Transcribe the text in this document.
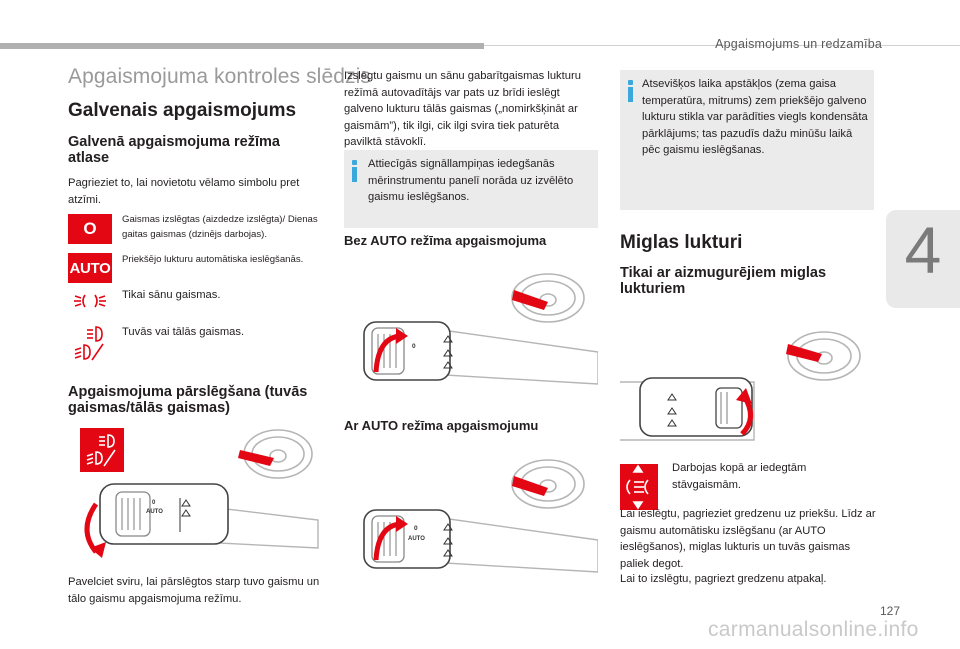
Apgaismojums un redzamība
4
Apgaismojuma kontroles slēdzis
Galvenais apgaismojums
Galvenā apgaismojuma režīma atlase
Pagrieziet to, lai novietotu vēlamo simbolu pret atzīmi.
O	Gaismas izslēgtas (aizdedze izslēgta)/ Dienas gaitas gaismas (dzinējs darbojas).
AUTO Priekšējo lukturu automātiska ieslēgšanās.
Tikai sānu gaismas.
Tuvās vai tālās gaismas.
Apgaismojuma pārslēgšana (tuvās gaismas/tālās gaismas)
0
AUTO
Pavelciet sviru, lai pārslēgtos starp tuvo gaismu un tālo gaismu apgaismojuma režīmu.
Izslēgtu gaismu un sānu gabarītgaismas lukturu režīmā autovadītājs var pats uz brīdi ieslēgt galveno lukturu tālās gaismas („nomirkšķināt ar gaismām”), tik ilgi, cik ilgi svira tiek paturēta pavilktā stāvoklī.
Attiecīgās signāllampiņas iedegšanās mērinstrumentu panelī norāda uz izvēlēto gaismu ieslēgšanos.
Bez AUTO režīma apgaismojuma
0
Ar AUTO režīma apgaismojumu
0
AUTO
Atsevišķos laika apstākļos (zema gaisa temperatūra, mitrums) zem priekšējo galveno lukturu stikla var parādīties viegls kondensāta pārklājums; tas pazudīs dažu minūšu laikā pēc gaismu ieslēgšanas.
Miglas lukturi
Tikai ar aizmugurējiem miglas lukturiem
Darbojas kopā ar iedegtām stāvgaismām.
Lai ieslēgtu, pagrieziet gredzenu uz priekšu. Līdz ar gaismu automātisku izslēgšanu (ar AUTO ieslēgšanos), miglas lukturis un tuvās gaismas paliek degot.
Lai to izslēgtu, pagriezt gredzenu atpakaļ.
127
carmanualsonline.info
